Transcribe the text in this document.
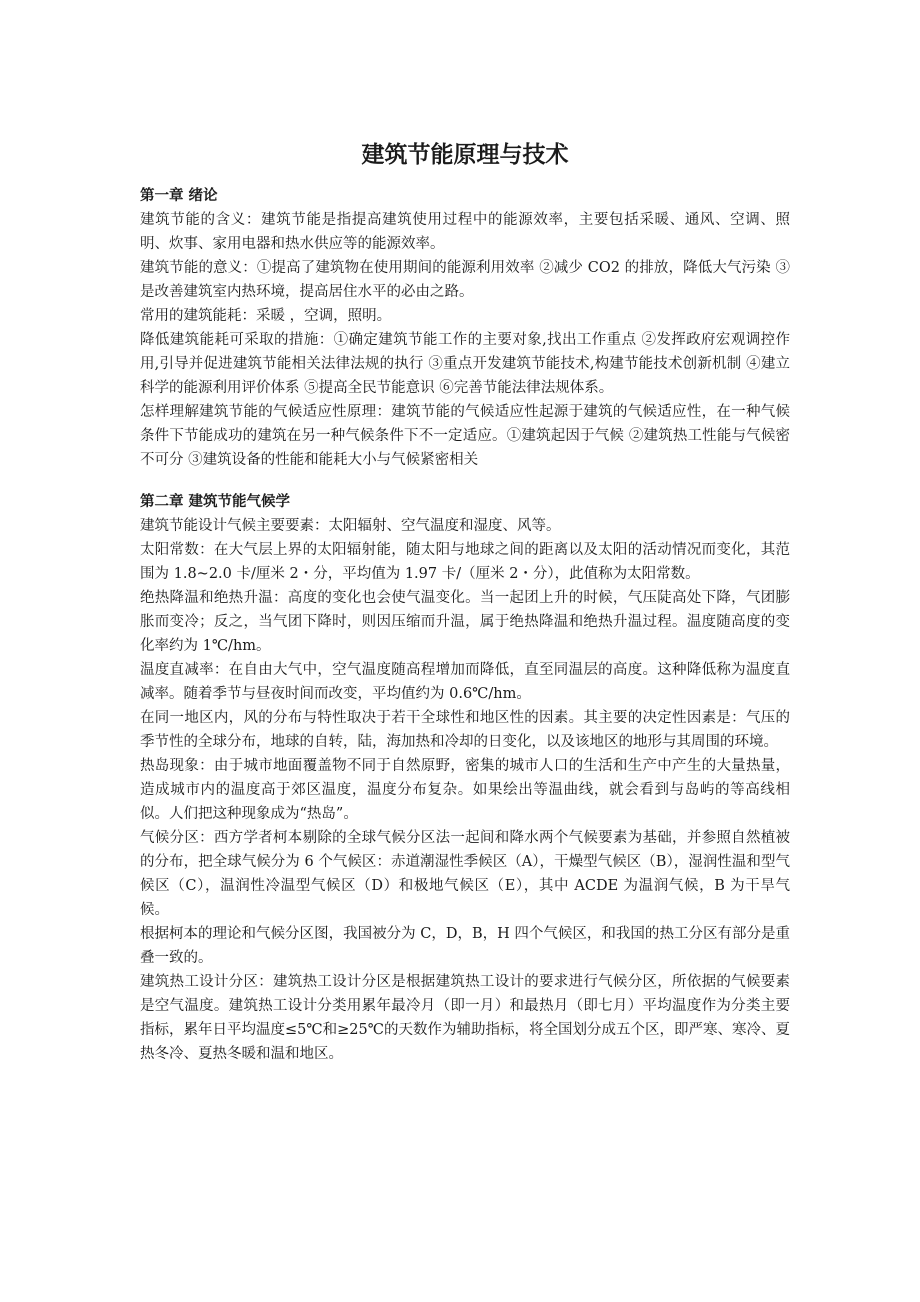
建筑节能原理与技术

第一章 绪论

建筑节能的含义：建筑节能是指提高建筑使用过程中的能源效率，主要包括采暖、通风、空调、照明、炊事、家用电器和热水供应等的能源效率。

建筑节能的意义：①提高了建筑物在使用期间的能源利用效率 ②减少 CO2 的排放，降低大气污染 ③是改善建筑室内热环境，提高居住水平的必由之路。

常用的建筑能耗：采暖 ，空调，照明。

降低建筑能耗可采取的措施：①确定建筑节能工作的主要对象,找出工作重点 ②发挥政府宏观调控作用,引导并促进建筑节能相关法律法规的执行 ③重点开发建筑节能技术,构建节能技术创新机制 ④建立科学的能源利用评价体系 ⑤提高全民节能意识 ⑥完善节能法律法规体系。

怎样理解建筑节能的气候适应性原理：建筑节能的气候适应性起源于建筑的气候适应性，在一种气候条件下节能成功的建筑在另一种气候条件下不一定适应。①建筑起因于气候 ②建筑热工性能与气候密不可分 ③建筑设备的性能和能耗大小与气候紧密相关

第二章 建筑节能气候学

建筑节能设计气候主要要素：太阳辐射、空气温度和湿度、风等。

太阳常数：在大气层上界的太阳辐射能，随太阳与地球之间的距离以及太阳的活动情况而变化，其范围为 1.8~2.0 卡/厘米 2・分，平均值为 1.97 卡/（厘米 2・分），此值称为太阳常数。

绝热降温和绝热升温：高度的变化也会使气温变化。当一起团上升的时候，气压陡高处下降，气团膨胀而变冷；反之，当气团下降时，则因压缩而升温，属于绝热降温和绝热升温过程。温度随高度的变化率约为 1℃/hm。

温度直减率：在自由大气中，空气温度随高程增加而降低，直至同温层的高度。这种降低称为温度直减率。随着季节与昼夜时间而改变，平均值约为 0.6℃/hm。

在同一地区内，风的分布与特性取决于若干全球性和地区性的因素。其主要的决定性因素是：气压的季节性的全球分布，地球的自转，陆，海加热和冷却的日变化，以及该地区的地形与其周围的环境。

热岛现象：由于城市地面覆盖物不同于自然原野，密集的城市人口的生活和生产中产生的大量热量，造成城市内的温度高于郊区温度，温度分布复杂。如果绘出等温曲线，就会看到与岛屿的等高线相似。人们把这种现象成为“热岛”。

气候分区：西方学者柯本剔除的全球气候分区法一起间和降水两个气候要素为基础，并参照自然植被的分布，把全球气候分为 6 个气候区：赤道潮湿性季候区（A），干燥型气候区（B），湿润性温和型气候区（C），温润性冷温型气候区（D）和极地气候区（E），其中 ACDE 为温润气候，B 为干旱气候。

根据柯本的理论和气候分区图，我国被分为 C，D，B，H 四个气候区，和我国的热工分区有部分是重叠一致的。

建筑热工设计分区：建筑热工设计分区是根据建筑热工设计的要求进行气候分区，所依据的气候要素是空气温度。建筑热工设计分类用累年最冷月（即一月）和最热月（即七月）平均温度作为分类主要指标，累年日平均温度≤5℃和≥25℃的天数作为辅助指标，将全国划分成五个区，即严寒、寒冷、夏热冬冷、夏热冬暖和温和地区。
